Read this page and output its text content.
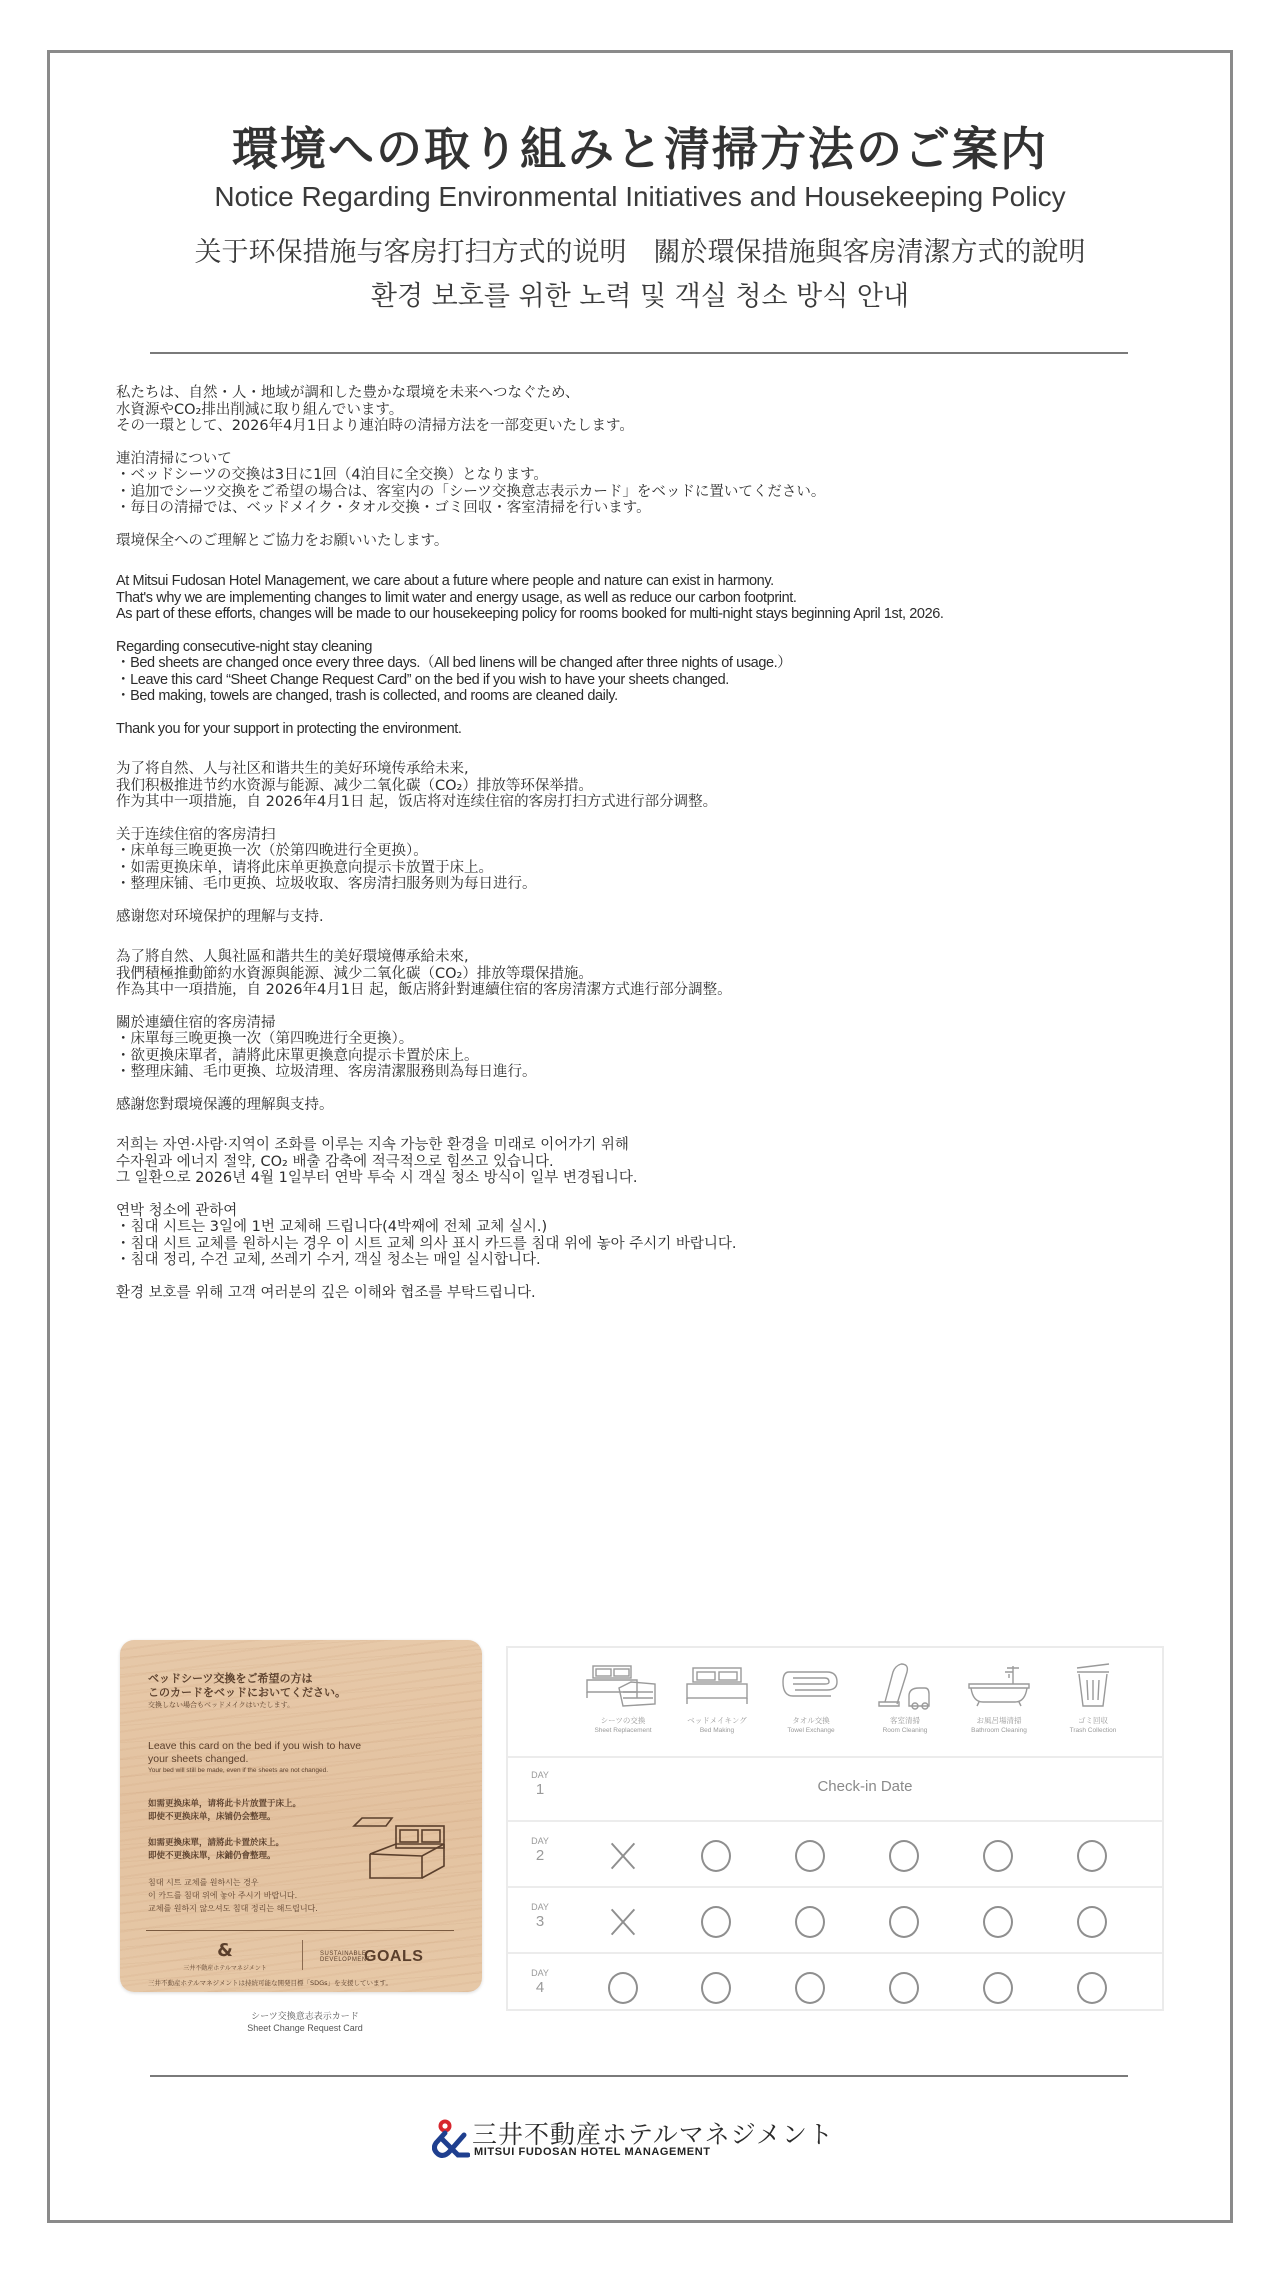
環境への取り組みと清掃方法のご案内
Notice Regarding Environmental Initiatives and Housekeeping Policy
关于环保措施与客房打扫方式的说明　關於環保措施與客房清潔方式的說明
환경 보호를 위한 노력 및 객실 청소 방식 안내
私たちは、自然・人・地域が調和した豊かな環境を未来へつなぐため、
水資源やCO₂排出削減に取り組んでいます。
その一環として、2026年4月1日より連泊時の清掃方法を一部変更いたします。
連泊清掃について
・ ベッドシーツの交換は3日に1回（4泊目に全交換）となります。
・ 追加でシーツ交換をご希望の場合は、客室内の「シーツ交換意志表示カード」をベッドに置いてください。
・ 毎日の清掃では、ベッドメイク・タオル交換・ゴミ回収・客室清掃を行います。
環境保全へのご理解とご協力をお願いいたします。
At Mitsui Fudosan Hotel Management, we care about a future where people and nature can exist in harmony.
That's why we are implementing changes to limit water and energy usage, as well as reduce our carbon footprint.
As part of these efforts, changes will be made to our housekeeping policy for rooms booked for multi-night stays beginning April 1st, 2026.
Regarding consecutive-night stay cleaning
・ Bed sheets are changed once every three days.（All bed linens will be changed after three nights of usage.）
・ Leave this card “Sheet Change Request Card” on the bed if you wish to have your sheets changed.
・ Bed making, towels are changed, trash is collected, and rooms are cleaned daily.
Thank you for your support in protecting the environment.
为了将自然、人与社区和谐共生的美好环境传承给未来,
我们积极推进节约水资源与能源、减少二氧化碳（CO₂）排放等环保举措。
作为其中一项措施，自 2026年4月1日 起，饭店将对连续住宿的客房打扫方式进行部分调整。
关于连续住宿的客房清扫
・ 床单每三晚更换一次（於第四晚进行全更换）。
・ 如需更换床单，请将此床单更换意向提示卡放置于床上。
・ 整理床铺、毛巾更换、垃圾收取、客房清扫服务则为每日进行。
感谢您对环境保护的理解与支持.
為了將自然、人與社區和諧共生的美好環境傳承給未來,
我們積極推動節約水資源與能源、減少二氧化碳（CO₂）排放等環保措施。
作為其中一項措施，自 2026年4月1日 起，飯店將針對連續住宿的客房清潔方式進行部分調整。
關於連續住宿的客房清掃
・ 床單每三晚更換一次（第四晚进行全更換）。
・ 欲更換床單者，請將此床單更換意向提示卡置於床上。
・ 整理床鋪、毛巾更換、垃圾清理、客房清潔服務則為每日進行。
感謝您對環境保護的理解與支持。
저희는 자연·사람·지역이 조화를 이루는 지속 가능한 환경을 미래로 이어가기 위해
수자원과 에너지 절약, CO₂ 배출 감축에 적극적으로 힘쓰고 있습니다.
그 일환으로 2026년 4월 1일부터 연박 투숙 시 객실 청소 방식이 일부 변경됩니다.
연박 청소에 관하여
・ 침대 시트는 3일에 1번 교체해 드립니다(4박째에 전체 교체 실시.)
・ 침대 시트 교체를 원하시는 경우 이 시트 교체 의사 표시 카드를 침대 위에 놓아 주시기 바랍니다.
・ 침대 정리, 수건 교체, 쓰레기 수거, 객실 청소는 매일 실시합니다.
환경 보호를 위해 고객 여러분의 깊은 이해와 협조를 부탁드립니다.
ベッドシーツ交換をご希望の方は
このカードをベッドにおいてください。
交換しない場合もベッドメイクはいたします。
Leave this card on the bed if you wish to have
your sheets changed.
Your bed will still be made, even if the sheets are not changed.
如需更换床单，请将此卡片放置于床上。
即使不更换床单，床铺仍会整理。
如需更換床單，請將此卡置於床上。
即使不更換床單，床鋪仍會整理。
침대 시트 교체를 원하시는 경우
이 카드를 침대 위에 놓아 주시기 바랍니다.
교체를 원하지 않으셔도 침대 정리는 해드립니다.
&
三井不動産ホテルマネジメント
SUSTAINABLE DEVELOPMENTGOALS
三井不動産ホテルマネジメントは持続可能な開発目標「SDGs」を支援しています。
シーツ交換意志表示カード
Sheet Change Request Card
シーツの交換
Sheet Replacement
ベッドメイキング
Bed Making
タオル交換
Towel Exchange
客室清掃
Room Cleaning
お風呂場清掃
Bathroom Cleaning
ゴミ回収
Trash Collection
DAY
1	Check-in Date
DAY
2
DAY
3
DAY
4
三井不動産ホテルマネジメント
MITSUI FUDOSAN HOTEL MANAGEMENT
